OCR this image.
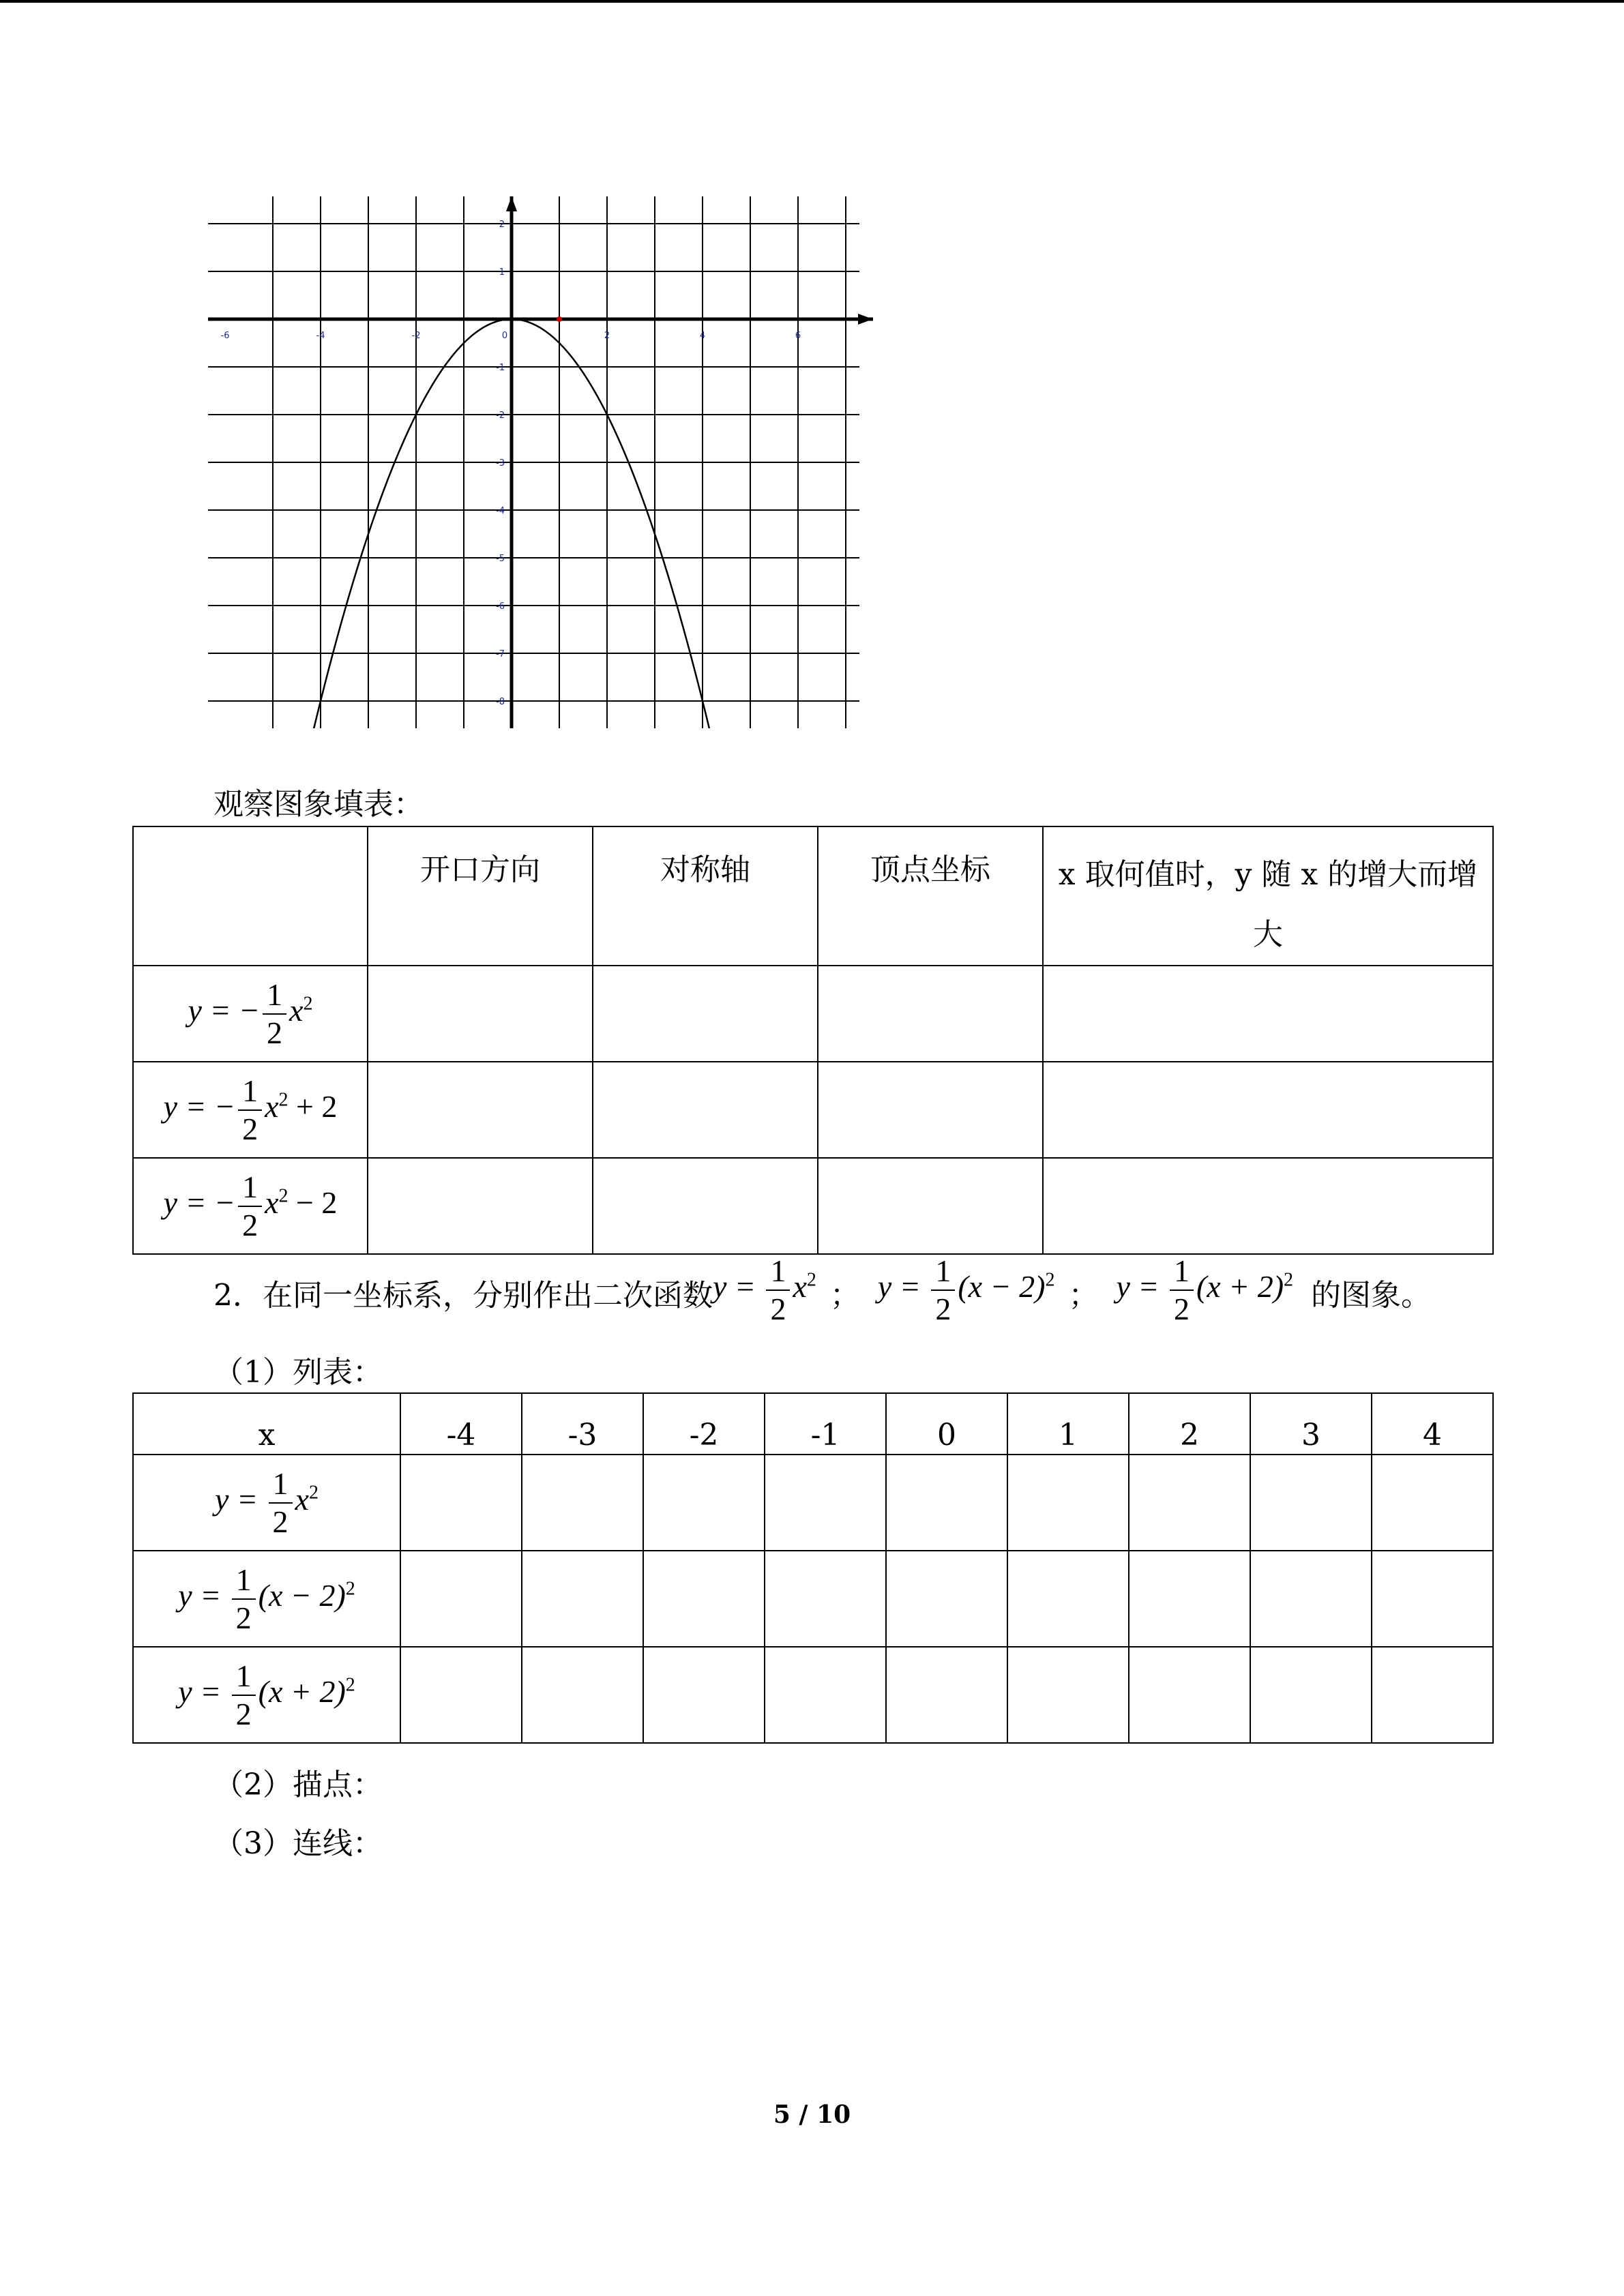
-6	-4	-2	0	2	4	6
2
1
-1
-2
-3
-4
-5
-6
-7
-8
观察图象填表：
	开口方向	对称轴	顶点坐标	x 取何值时，y 随 x 的增大而增大
y = − $\frac{1}{2} x^2$				
y = − $\frac{1}{2} x^2 + 2$				
y = − $\frac{1}{2} x^2 - 2$				
2．在同一坐标系，分别作出二次函数$y = \frac{1}{2} x^2$ ； $y = \frac{1}{2} (x - 2)^2$ ； $y = \frac{1}{2} (x + 2)^2$ 的图象。
（1）列表：
x	-4	-3	-2	-1	0	1	2	3	4
$y = \frac{1}{2} x^2$									
$y = \frac{1}{2} (x - 2)^2$									
$y = \frac{1}{2} (x + 2)^2$									
（2）描点：
（3）连线：
5 / 10
